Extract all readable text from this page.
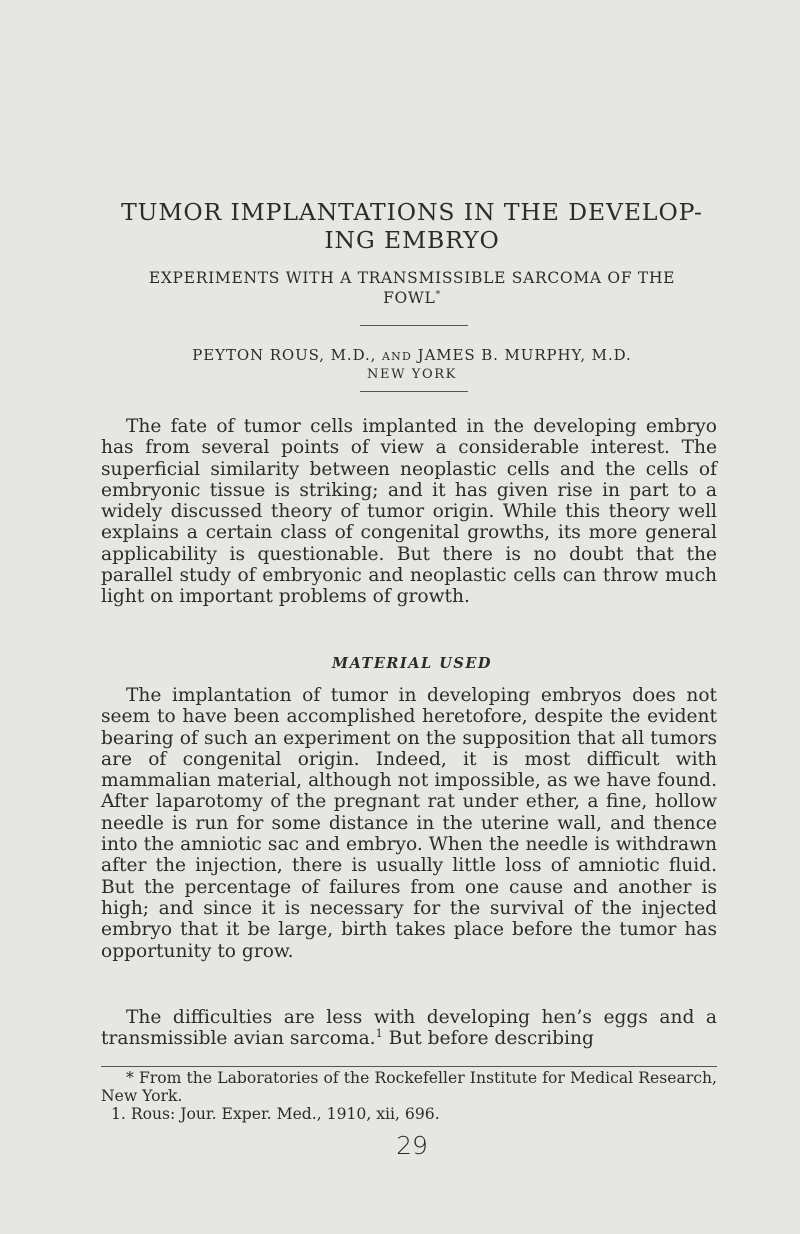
TUMOR IMPLANTATIONS IN THE DEVELOP-
ING EMBRYO

EXPERIMENTS WITH A TRANSMISSIBLE SARCOMA OF THE
FOWL*

PEYTON ROUS, M.D., AND JAMES B. MURPHY, M.D.

NEW YORK

The fate of tumor cells implanted in the developing embryo has from several points of view a considerable interest. The superficial similarity between neoplastic cells and the cells of embryonic tissue is striking; and it has given rise in part to a widely discussed theory of tumor origin. While this theory well explains a certain class of congenital growths, its more general applicability is questionable. But there is no doubt that the parallel study of embryonic and neoplastic cells can throw much light on important problems of growth.

MATERIAL USED

The implantation of tumor in developing embryos does not seem to have been accomplished heretofore, despite the evident bearing of such an experiment on the supposition that all tumors are of congenital origin. Indeed, it is most difficult with mammalian material, although not impossible, as we have found. After laparotomy of the pregnant rat under ether, a fine, hollow needle is run for some distance in the uterine wall, and thence into the amniotic sac and embryo. When the needle is withdrawn after the injection, there is usually little loss of amniotic fluid. But the percentage of failures from one cause and another is high; and since it is necessary for the survival of the injected embryo that it be large, birth takes place before the tumor has opportunity to grow.

The difficulties are less with developing hen’s eggs and a transmissible avian sarcoma.$^1$ But before describing

* From the Laboratories of the Rockefeller Institute for Medical Research, New York.

1. Rous: Jour. Exper. Med., 1910, xii, 696.

29
